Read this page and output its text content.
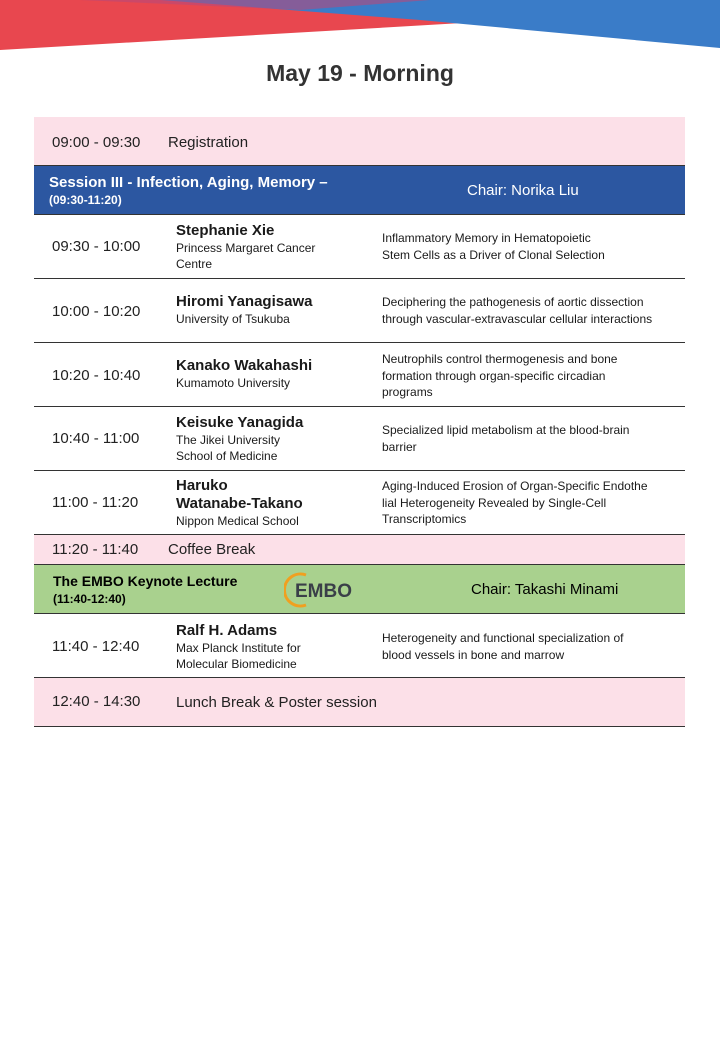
May 19 - Morning
09:00 - 09:30 Registration
Session III - Infection, Aging, Memory –
(09:30-11:20)
Chair: Norika Liu
09:30 - 10:00
Stephanie Xie
Princess Margaret Cancer
Centre
Inflammatory Memory in Hematopoietic
Stem Cells as a Driver of Clonal Selection
10:00 - 10:20
Hiromi Yanagisawa
University of Tsukuba
Deciphering the pathogenesis of aortic dissection
through vascular-extravascular cellular interactions
10:20 - 10:40
Kanako Wakahashi
Kumamoto University
Neutrophils control thermogenesis and bone
formation through organ-specific circadian
programs
10:40 - 11:00
Keisuke Yanagida
The Jikei University
School of Medicine
Specialized lipid metabolism at the blood-brain
barrier
11:00 - 11:20
Haruko
Watanabe-Takano
Nippon Medical School
Aging-Induced Erosion of Organ-Specific Endothe
lial Heterogeneity Revealed by Single-Cell
Transcriptomics
11:20 - 11:40 Coffee Break
The EMBO Keynote Lecture
(11:40-12:40)	EMBO	Chair: Takashi Minami
11:40 - 12:40
Ralf H. Adams
Max Planck Institute for
Molecular Biomedicine
Heterogeneity and functional specialization of
blood vessels in bone and marrow
12:40 - 14:30 Lunch Break & Poster session
